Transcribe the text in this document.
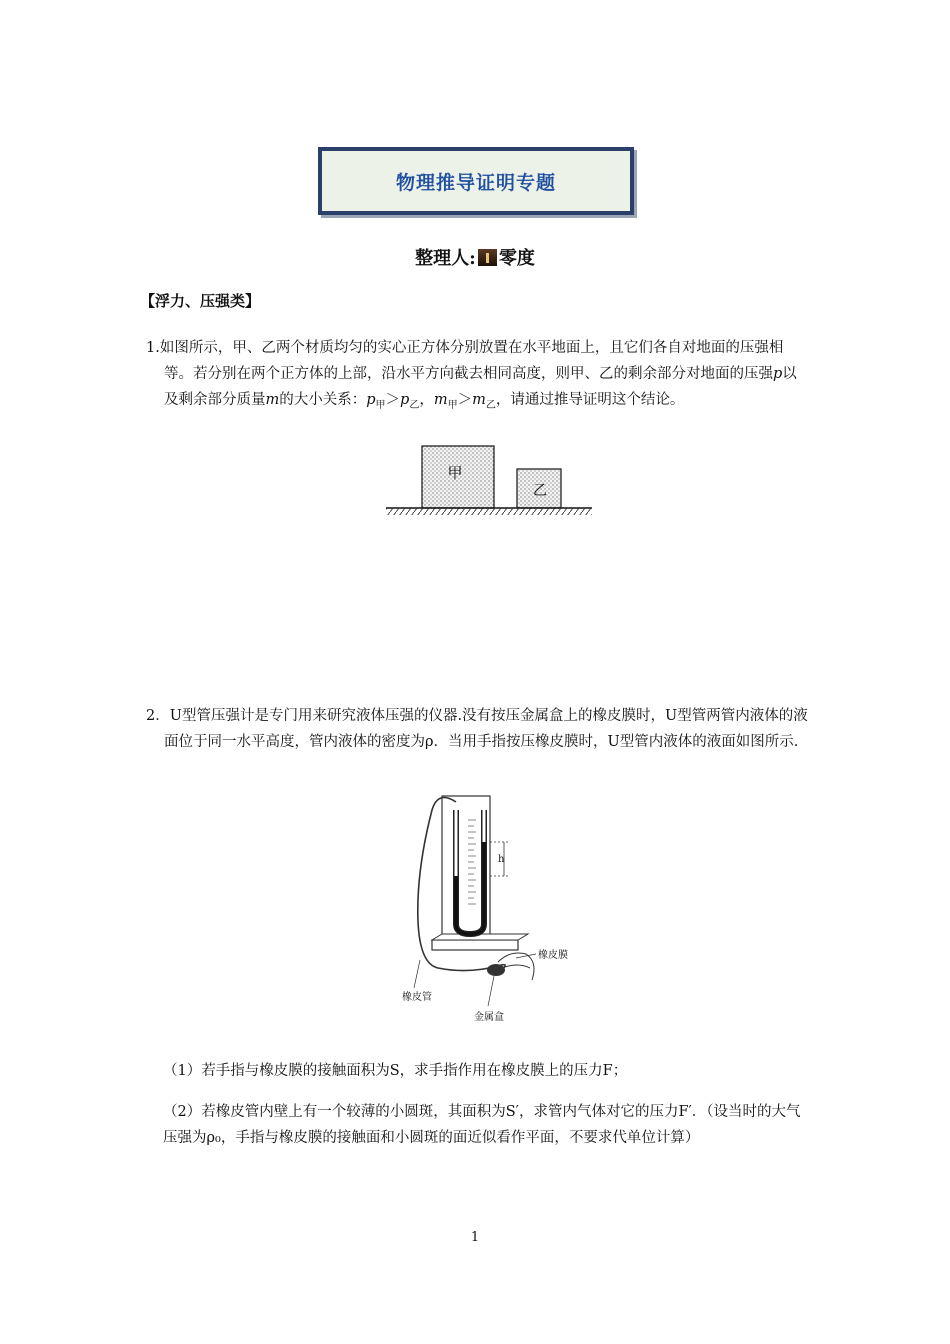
物理推导证明专题
整理人: 零度
【浮力、压强类】
1.如图所示，甲、乙两个材质均匀的实心正方体分别放置在水平地面上，且它们各自对地面的压强相等。若分别在两个正方体的上部，沿水平方向截去相同高度，则甲、乙的剩余部分对地面的压强p以及剩余部分质量m的大小关系：$p_甲>p_乙$，$m_甲>m_乙$，请通过推导证明这个结论。
甲
乙
2．U型管压强计是专门用来研究液体压强的仪器.没有按压金属盒上的橡皮膜时，U型管两管内液体的液面位于同一水平高度，管内液体的密度为ρ．当用手指按压橡皮膜时，U型管内液体的液面如图所示.
h
橡皮膜
橡皮管
金属盒
（1）若手指与橡皮膜的接触面积为S，求手指作用在橡皮膜上的压力F；
（2）若橡皮管内壁上有一个较薄的小圆斑，其面积为S′，求管内气体对它的压力F′．（设当时的大气压强为ρ₀，手指与橡皮膜的接触面和小圆斑的面近似看作平面，不要求代单位计算）
1
